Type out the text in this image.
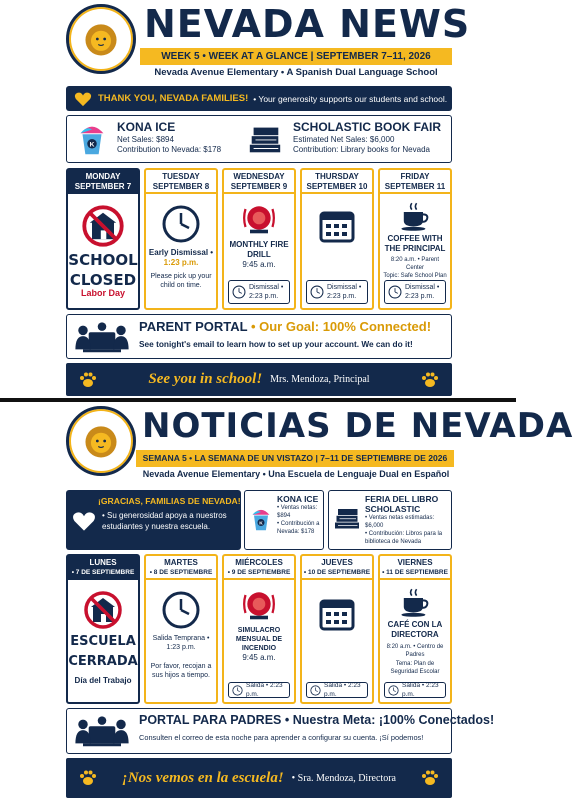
NEVADA NEWS
WEEK 5 • WEEK AT A GLANCE | SEPTEMBER 7–11, 2026
Nevada Avenue Elementary • A Spanish Dual Language School
THANK YOU, NEVADA FAMILIES! • Your generosity supports our students and school.
KONA ICE
Net Sales: $894
Contribution to Nevada: $178
SCHOLASTIC BOOK FAIR
Estimated Net Sales: $6,000
Contribution: Library books for Nevada
MONDAY
SEPTEMBER 7
SCHOOL
CLOSED
Labor Day
TUESDAY
SEPTEMBER 8
Early Dismissal •
1:23 p.m.
Please pick up your child on time.
WEDNESDAY
SEPTEMBER 9
MONTHLY FIRE DRILL
9:45 a.m.
Dismissal •
2:23 p.m.
THURSDAY
SEPTEMBER 10
Dismissal •
2:23 p.m.
FRIDAY
SEPTEMBER 11
COFFEE WITH THE PRINCIPAL
8:20 a.m. • Parent Center
Topic: Safe School Plan
Dismissal •
2:23 p.m.
PARENT PORTAL • Our Goal: 100% Connected!
See tonight's email to learn how to set up your account. We can do it!
See you in school! Mrs. Mendoza, Principal
NOTICIAS DE NEVADA
SEMANA 5 • LA SEMANA DE UN VISTAZO | 7–11 DE SEPTIEMBRE DE 2026
Nevada Avenue Elementary • Una Escuela de Lenguaje Dual en Español
¡GRACIAS, FAMILIAS DE NEVADA!
• Su generosidad apoya a nuestros estudiantes y nuestra escuela.
KONA ICE
• Ventas netas: $894
• Contribución a Nevada: $178
FERIA DEL LIBRO SCHOLASTIC
• Ventas netas estimadas: $6,000
• Contribución: Libros para la biblioteca de Nevada
LUNES
• 7 DE SEPTIEMBRE
ESCUELA
CERRADA
Día del Trabajo
MARTES
• 8 DE SEPTIEMBRE
Salida Temprana • 1:23 p.m.
Por favor, recojan a sus hijos a tiempo.
MIÉRCOLES
• 9 DE SEPTIEMBRE
SIMULACRO MENSUAL DE INCENDIO
9:45 a.m.
Salida • 2:23 p.m.
JUEVES
• 10 DE SEPTIEMBRE
Salida • 2:23 p.m.
VIERNES
• 11 DE SEPTIEMBRE
CAFÉ CON LA DIRECTORA
8:20 a.m. • Centro de Padres
Tema: Plan de Seguridad Escolar
Salida • 2:23 p.m.
PORTAL PARA PADRES • Nuestra Meta: ¡100% Conectados!
Consulten el correo de esta noche para aprender a configurar su cuenta. ¡Sí podemos!
¡Nos vemos en la escuela! • Sra. Mendoza, Directora
